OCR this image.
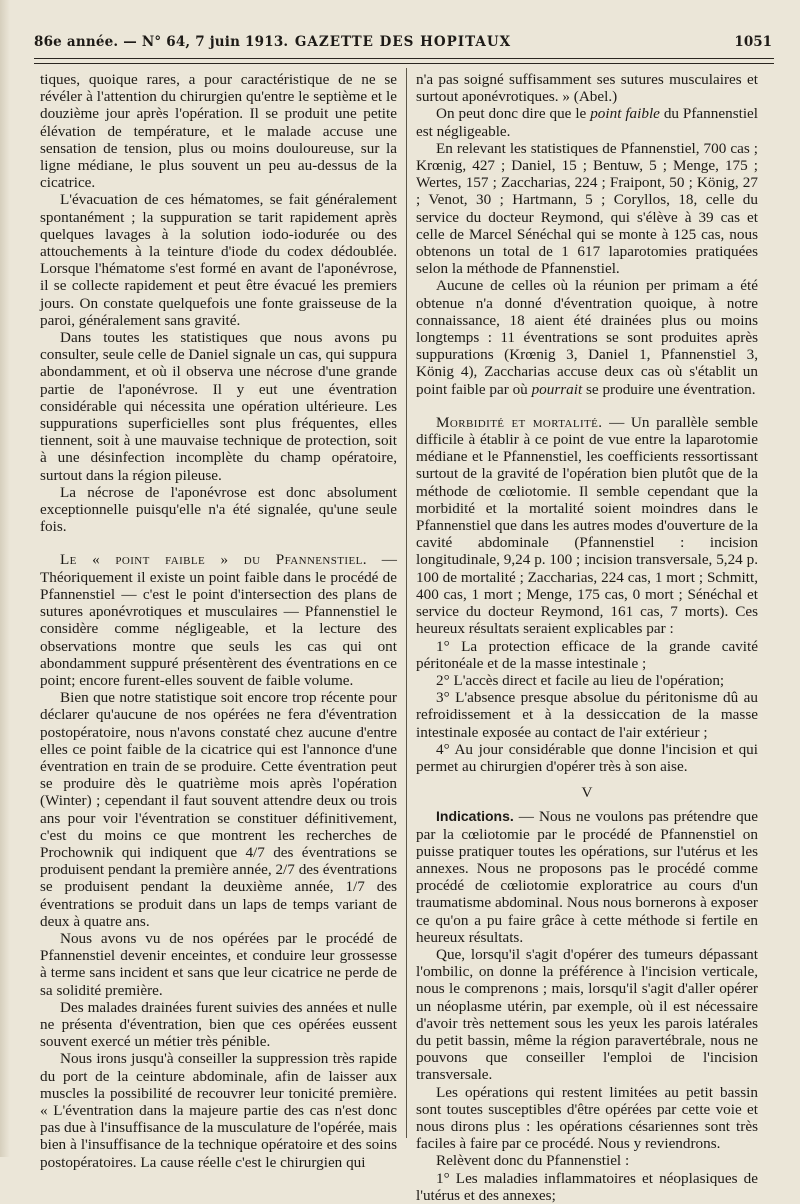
86e année. — N° 64, 7 juin 1913. GAZETTE DES HOPITAUX	1051

tiques, quoique rares, a pour caractéristique de ne se révéler à l'attention du chirurgien qu'entre le septième et le douzième jour après l'opération. Il se produit une petite élévation de température, et le malade accuse une sensation de tension, plus ou moins douloureuse, sur la ligne médiane, le plus souvent un peu au-dessus de la cicatrice.

L'évacuation de ces hématomes, se fait généralement spontanément ; la suppuration se tarit rapidement après quelques lavages à la solution iodo-iodurée ou des attouchements à la teinture d'iode du codex dédoublée. Lorsque l'hématome s'est formé en avant de l'aponévrose, il se collecte rapidement et peut être évacué les premiers jours. On constate quelquefois une fonte graisseuse de la paroi, généralement sans gravité.

Dans toutes les statistiques que nous avons pu consulter, seule celle de Daniel signale un cas, qui suppura abondamment, et où il observa une nécrose d'une grande partie de l'aponévrose. Il y eut une éventration considérable qui nécessita une opération ultérieure. Les suppurations superficielles sont plus fréquentes, elles tiennent, soit à une mauvaise technique de protection, soit à une désinfection incomplète du champ opératoire, surtout dans la région pileuse.

La nécrose de l'aponévrose est donc absolument exceptionnelle puisqu'elle n'a été signalée, qu'une seule fois.

Le « point faible » du Pfannenstiel. — Théoriquement il existe un point faible dans le procédé de Pfannenstiel — c'est le point d'intersection des plans de sutures aponévrotiques et musculaires — Pfannenstiel le considère comme négligeable, et la lecture des observations montre que seuls les cas qui ont abondamment suppuré présentèrent des éventrations en ce point; encore furent-elles souvent de faible volume.

Bien que notre statistique soit encore trop récente pour déclarer qu'aucune de nos opérées ne fera d'éventration postopératoire, nous n'avons constaté chez aucune d'entre elles ce point faible de la cicatrice qui est l'annonce d'une éventration en train de se produire. Cette éventration peut se produire dès le quatrième mois après l'opération (Winter) ; cependant il faut souvent attendre deux ou trois ans pour voir l'éventration se constituer définitivement, c'est du moins ce que montrent les recherches de Prochownik qui indiquent que 4/7 des éventrations se produisent pendant la première année, 2/7 des éventrations se produisent pendant la deuxième année, 1/7 des éventrations se produit dans un laps de temps variant de deux à quatre ans.

Nous avons vu de nos opérées par le procédé de Pfannenstiel devenir enceintes, et conduire leur grossesse à terme sans incident et sans que leur cicatrice ne perde de sa solidité première.

Des malades drainées furent suivies des années et nulle ne présenta d'éventration, bien que ces opérées eussent souvent exercé un métier très pénible.

Nous irons jusqu'à conseiller la suppression très rapide du port de la ceinture abdominale, afin de laisser aux muscles la possibilité de recouvrer leur tonicité première. « L'éventration dans la majeure partie des cas n'est donc pas due à l'insuffisance de la musculature de l'opérée, mais bien à l'insuffisance de la technique opératoire et des soins postopératoires. La cause réelle c'est le chirurgien qui

n'a pas soigné suffisamment ses sutures musculaires et surtout aponévrotiques. » (Abel.)

On peut donc dire que le point faible du Pfannenstiel est négligeable.

En relevant les statistiques de Pfannenstiel, 700 cas ; Krœnig, 427 ; Daniel, 15 ; Bentuw, 5 ; Menge, 175 ; Wertes, 157 ; Zaccharias, 224 ; Fraipont, 50 ; König, 27 ; Venot, 30 ; Hartmann, 5 ; Coryllos, 18, celle du service du docteur Reymond, qui s'élève à 39 cas et celle de Marcel Sénéchal qui se monte à 125 cas, nous obtenons un total de 1 617 laparotomies pratiquées selon la méthode de Pfannenstiel.

Aucune de celles où la réunion per primam a été obtenue n'a donné d'éventration quoique, à notre connaissance, 18 aient été drainées plus ou moins longtemps : 11 éventrations se sont produites après suppurations (Krœnig 3, Daniel 1, Pfannenstiel 3, König 4), Zaccharias accuse deux cas où s'établit un point faible par où pourrait se produire une éventration.

Morbidité et mortalité. — Un parallèle semble difficile à établir à ce point de vue entre la laparotomie médiane et le Pfannenstiel, les coefficients ressortissant surtout de la gravité de l'opération bien plutôt que de la méthode de cœliotomie. Il semble cependant que la morbidité et la mortalité soient moindres dans le Pfannenstiel que dans les autres modes d'ouverture de la cavité abdominale (Pfannenstiel : incision longitudinale, 9,24 p. 100 ; incision transversale, 5,24 p. 100 de mortalité ; Zaccharias, 224 cas, 1 mort ; Schmitt, 400 cas, 1 mort ; Menge, 175 cas, 0 mort ; Sénéchal et service du docteur Reymond, 161 cas, 7 morts). Ces heureux résultats seraient explicables par :

1° La protection efficace de la grande cavité péritonéale et de la masse intestinale ;

2° L'accès direct et facile au lieu de l'opération;

3° L'absence presque absolue du péritonisme dû au refroidissement et à la dessiccation de la masse intestinale exposée au contact de l'air extérieur ;

4° Au jour considérable que donne l'incision et qui permet au chirurgien d'opérer très à son aise.

V

Indications. — Nous ne voulons pas prétendre que par la cœliotomie par le procédé de Pfannenstiel on puisse pratiquer toutes les opérations, sur l'utérus et les annexes. Nous ne proposons pas le procédé comme procédé de cœliotomie exploratrice au cours d'un traumatisme abdominal. Nous nous bornerons à exposer ce qu'on a pu faire grâce à cette méthode si fertile en heureux résultats.

Que, lorsqu'il s'agit d'opérer des tumeurs dépassant l'ombilic, on donne la préférence à l'incision verticale, nous le comprenons ; mais, lorsqu'il s'agit d'aller opérer un néoplasme utérin, par exemple, où il est nécessaire d'avoir très nettement sous les yeux les parois latérales du petit bassin, même la région paravertébrale, nous ne pouvons que conseiller l'emploi de l'incision transversale.

Les opérations qui restent limitées au petit bassin sont toutes susceptibles d'être opérées par cette voie et nous dirons plus : les opérations césariennes sont très faciles à faire par ce procédé. Nous y reviendrons.

Relèvent donc du Pfannenstiel :

1° Les maladies inflammatoires et néoplasiques de l'utérus et des annexes;
